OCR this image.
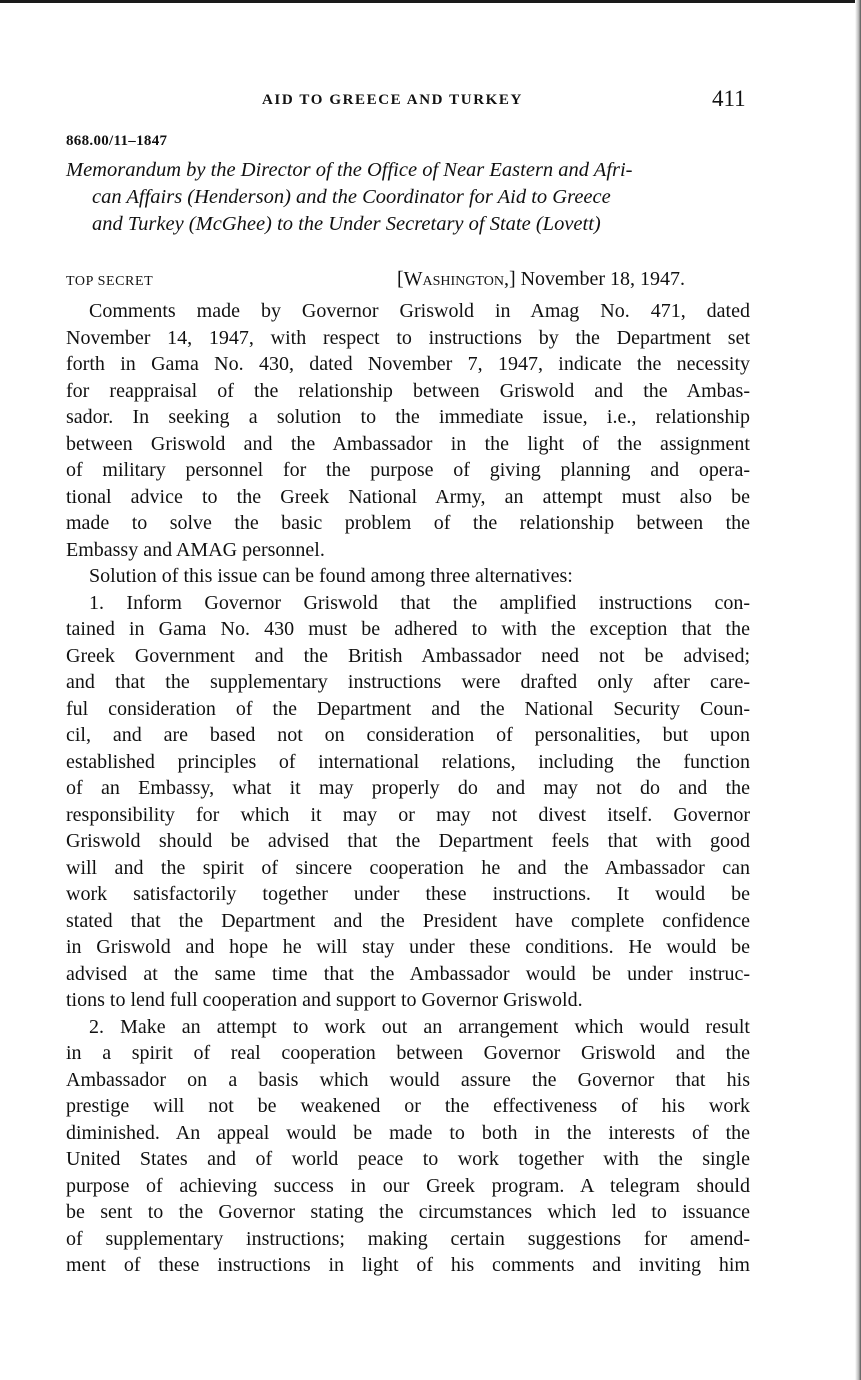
AID TO GREECE AND TURKEY	411
868.00/11–1847
Memorandum by the Director of the Office of Near Eastern and Afri-
can Affairs (Henderson) and the Coordinator for Aid to Greece
and Turkey (McGhee) to the Under Secretary of State (Lovett)
TOP SECRET	[Washington,] November 18, 1947.
Comments made by Governor Griswold in Amag No. 471, dated
November 14, 1947, with respect to instructions by the Department set
forth in Gama No. 430, dated November 7, 1947, indicate the necessity
for reappraisal of the relationship between Griswold and the Ambas-
sador. In seeking a solution to the immediate issue, i.e., relationship
between Griswold and the Ambassador in the light of the assignment
of military personnel for the purpose of giving planning and opera-
tional advice to the Greek National Army, an attempt must also be
made to solve the basic problem of the relationship between the
Embassy and AMAG personnel.
Solution of this issue can be found among three alternatives:
1. Inform Governor Griswold that the amplified instructions con-
tained in Gama No. 430 must be adhered to with the exception that the
Greek Government and the British Ambassador need not be advised;
and that the supplementary instructions were drafted only after care-
ful consideration of the Department and the National Security Coun-
cil, and are based not on consideration of personalities, but upon
established principles of international relations, including the function
of an Embassy, what it may properly do and may not do and the
responsibility for which it may or may not divest itself. Governor
Griswold should be advised that the Department feels that with good
will and the spirit of sincere cooperation he and the Ambassador can
work satisfactorily together under these instructions. It would be
stated that the Department and the President have complete confidence
in Griswold and hope he will stay under these conditions. He would be
advised at the same time that the Ambassador would be under instruc-
tions to lend full cooperation and support to Governor Griswold.
2. Make an attempt to work out an arrangement which would result
in a spirit of real cooperation between Governor Griswold and the
Ambassador on a basis which would assure the Governor that his
prestige will not be weakened or the effectiveness of his work
diminished. An appeal would be made to both in the interests of the
United States and of world peace to work together with the single
purpose of achieving success in our Greek program. A telegram should
be sent to the Governor stating the circumstances which led to issuance
of supplementary instructions; making certain suggestions for amend-
ment of these instructions in light of his comments and inviting him
